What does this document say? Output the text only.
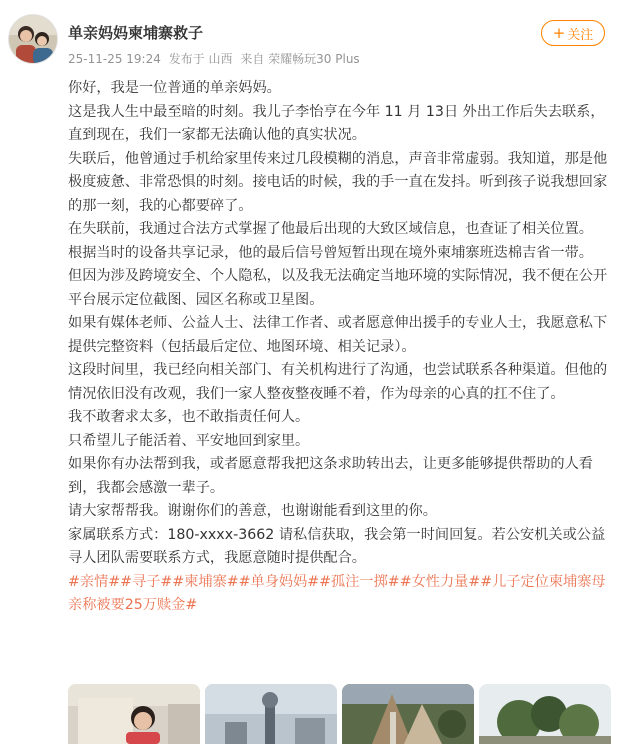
单亲妈妈柬埔寨救子
25-11-25 19:24 发布于 山西 来自 荣耀畅玩30 Plus
+ 关注

你好，我是一位普通的单亲妈妈。

这是我人生中最至暗的时刻。我儿子李怡亨在今年 11 月 13日 外出工作后失去联系，直到现在，我们一家都无法确认他的真实状况。

失联后，他曾通过手机给家里传来过几段模糊的消息，声音非常虚弱。我知道，那是他极度疲惫、非常恐惧的时刻。接电话的时候，我的手一直在发抖。听到孩子说我想回家的那一刻，我的心都要碎了。

在失联前，我通过合法方式掌握了他最后出现的大致区域信息，也查证了相关位置。

根据当时的设备共享记录，他的最后信号曾短暂出现在境外柬埔寨班迭棉吉省一带。

但因为涉及跨境安全、个人隐私，以及我无法确定当地环境的实际情况，我不便在公开平台展示定位截图、园区名称或卫星图。

如果有媒体老师、公益人士、法律工作者、或者愿意伸出援手的专业人士，我愿意私下提供完整资料（包括最后定位、地图环境、相关记录）。

这段时间里，我已经向相关部门、有关机构进行了沟通，也尝试联系各种渠道。但他的情况依旧没有改观，我们一家人整夜整夜睡不着，作为母亲的心真的扛不住了。

我不敢奢求太多，也不敢指责任何人。

只希望儿子能活着、平安地回到家里。

如果你有办法帮到我，或者愿意帮我把这条求助转出去，让更多能够提供帮助的人看到，我都会感激一辈子。

请大家帮帮我。谢谢你们的善意，也谢谢能看到这里的你。

家属联系方式：180-xxxx-3662 请私信获取，我会第一时间回复。若公安机关或公益寻人团队需要联系方式，我愿意随时提供配合。

#亲情##寻子##柬埔寨##单身妈妈##孤注一掷##女性力量##儿子定位柬埔寨母亲称被要25万赎金#
